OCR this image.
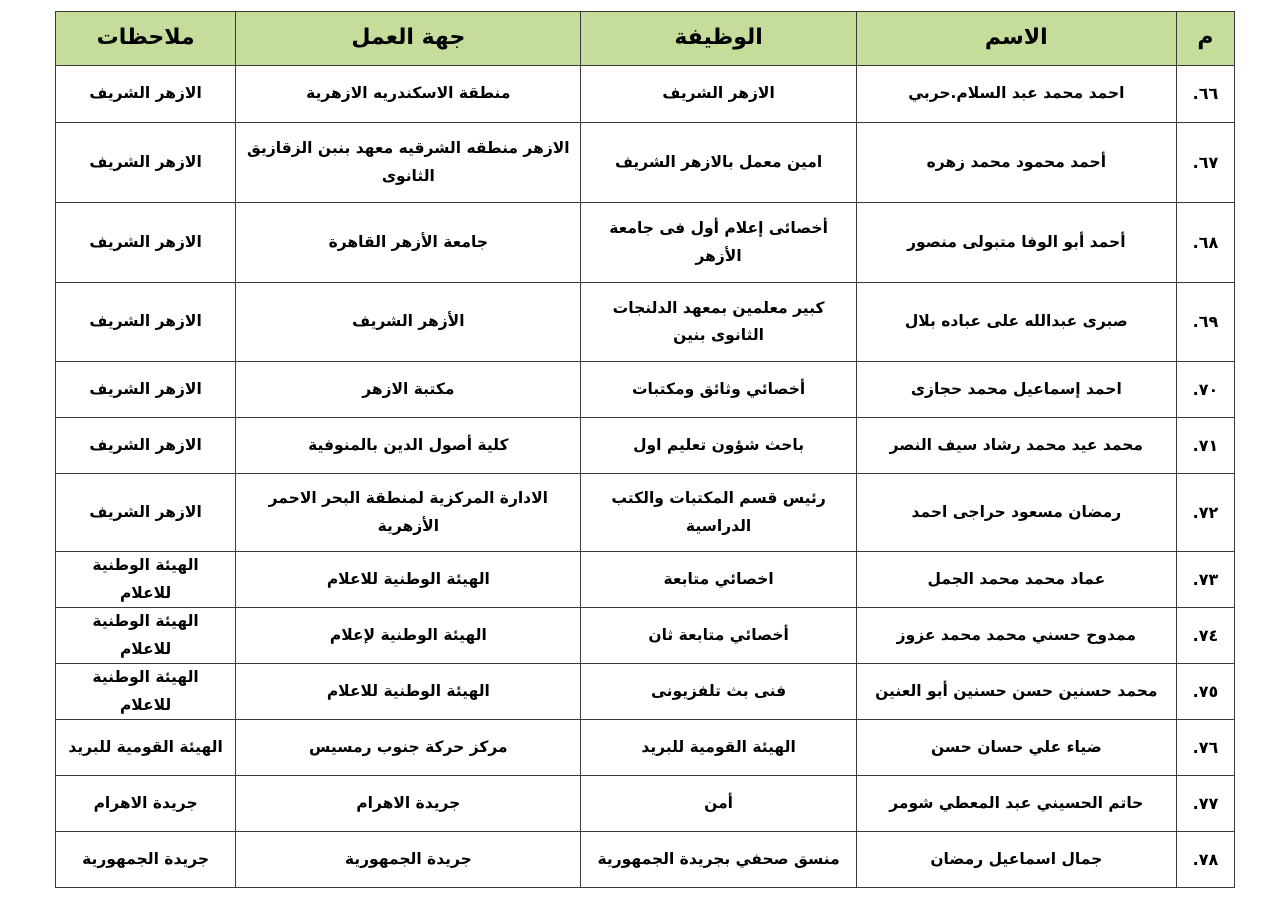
م	الاسم	الوظيفة	جهة العمل	ملاحظات
٦٦.	احمد محمد عبد السلام.حربي	الازهر الشريف	منطقة الاسكندريه الازهرية	الازهر الشريف
٦٧.	أحمد محمود محمد زهره	امين معمل بالازهر الشريف	الازهر منطقه الشرقيه معهد بنبن الزقازيق الثانوى	الازهر الشريف
٦٨.	أحمد أبو الوفا متبولى منصور	أخصائى إعلام أول فى جامعة الأزهر	جامعة الأزهر القاهرة	الازهر الشريف
٦٩.	صبرى عبدالله على عباده بلال	كبير معلمين بمعهد الدلنجات الثانوى بنين	الأزهر الشريف	الازهر الشريف
٧٠.	احمد إسماعيل محمد حجازى	أخصائي وثائق ومكتبات	مكتبة الازهر	الازهر الشريف
٧١.	محمد عيد محمد رشاد سيف النصر	باحث شؤون تعليم اول	كلية أصول الدين بالمنوفية	الازهر الشريف
٧٢.	رمضان مسعود حراجى احمد	رئيس قسم المكتبات والكتب الدراسية	الادارة المركزية لمنطقة البحر الاحمر الأزهرية	الازهر الشريف
٧٣.	عماد محمد محمد الجمل	اخصائي متابعة	الهيئة الوطنية للاعلام	الهيئة الوطنية للاعلام
٧٤.	ممدوح حسني محمد محمد عزوز	أخصائي متابعة ثان	الهيئة الوطنية لإعلام	الهيئة الوطنية للاعلام
٧٥.	محمد حسنين حسن حسنين أبو العنين	فنى بث تلفزيونى	الهيئة الوطنية للاعلام	الهيئة الوطنية للاعلام
٧٦.	ضياء علي حسان حسن	الهيئة القومية للبريد	مركز حركة جنوب رمسيس	الهيئة القومية للبريد
٧٧.	حاتم الحسيني عبد المعطي شومر	أمن	جريدة الاهرام	جريدة الاهرام
٧٨.	جمال اسماعيل رمضان	منسق صحفي بجريدة الجمهورية	جريدة الجمهورية	جريدة الجمهورية
